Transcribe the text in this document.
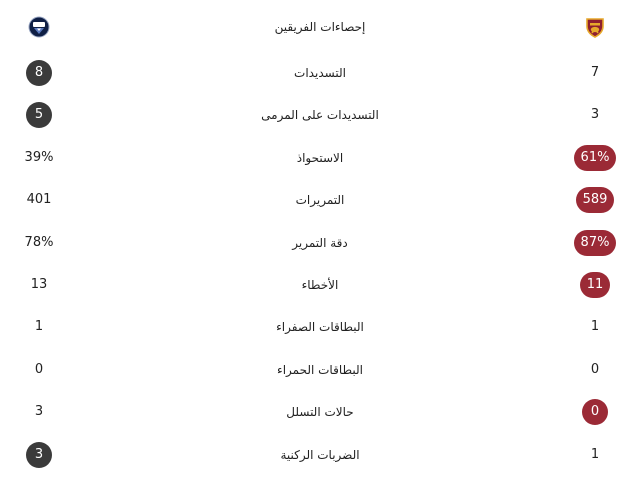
إحصاءات الفريقين
7
التسديدات
8
3
التسديدات على المرمى
5
61%
الاستحواذ
39%
589
التمريرات
401
87%
دقة التمرير
78%
11
الأخطاء
13
1
البطاقات الصفراء
1
0
البطاقات الحمراء
0
0
حالات التسلل
3
1
الضربات الركنية
3
